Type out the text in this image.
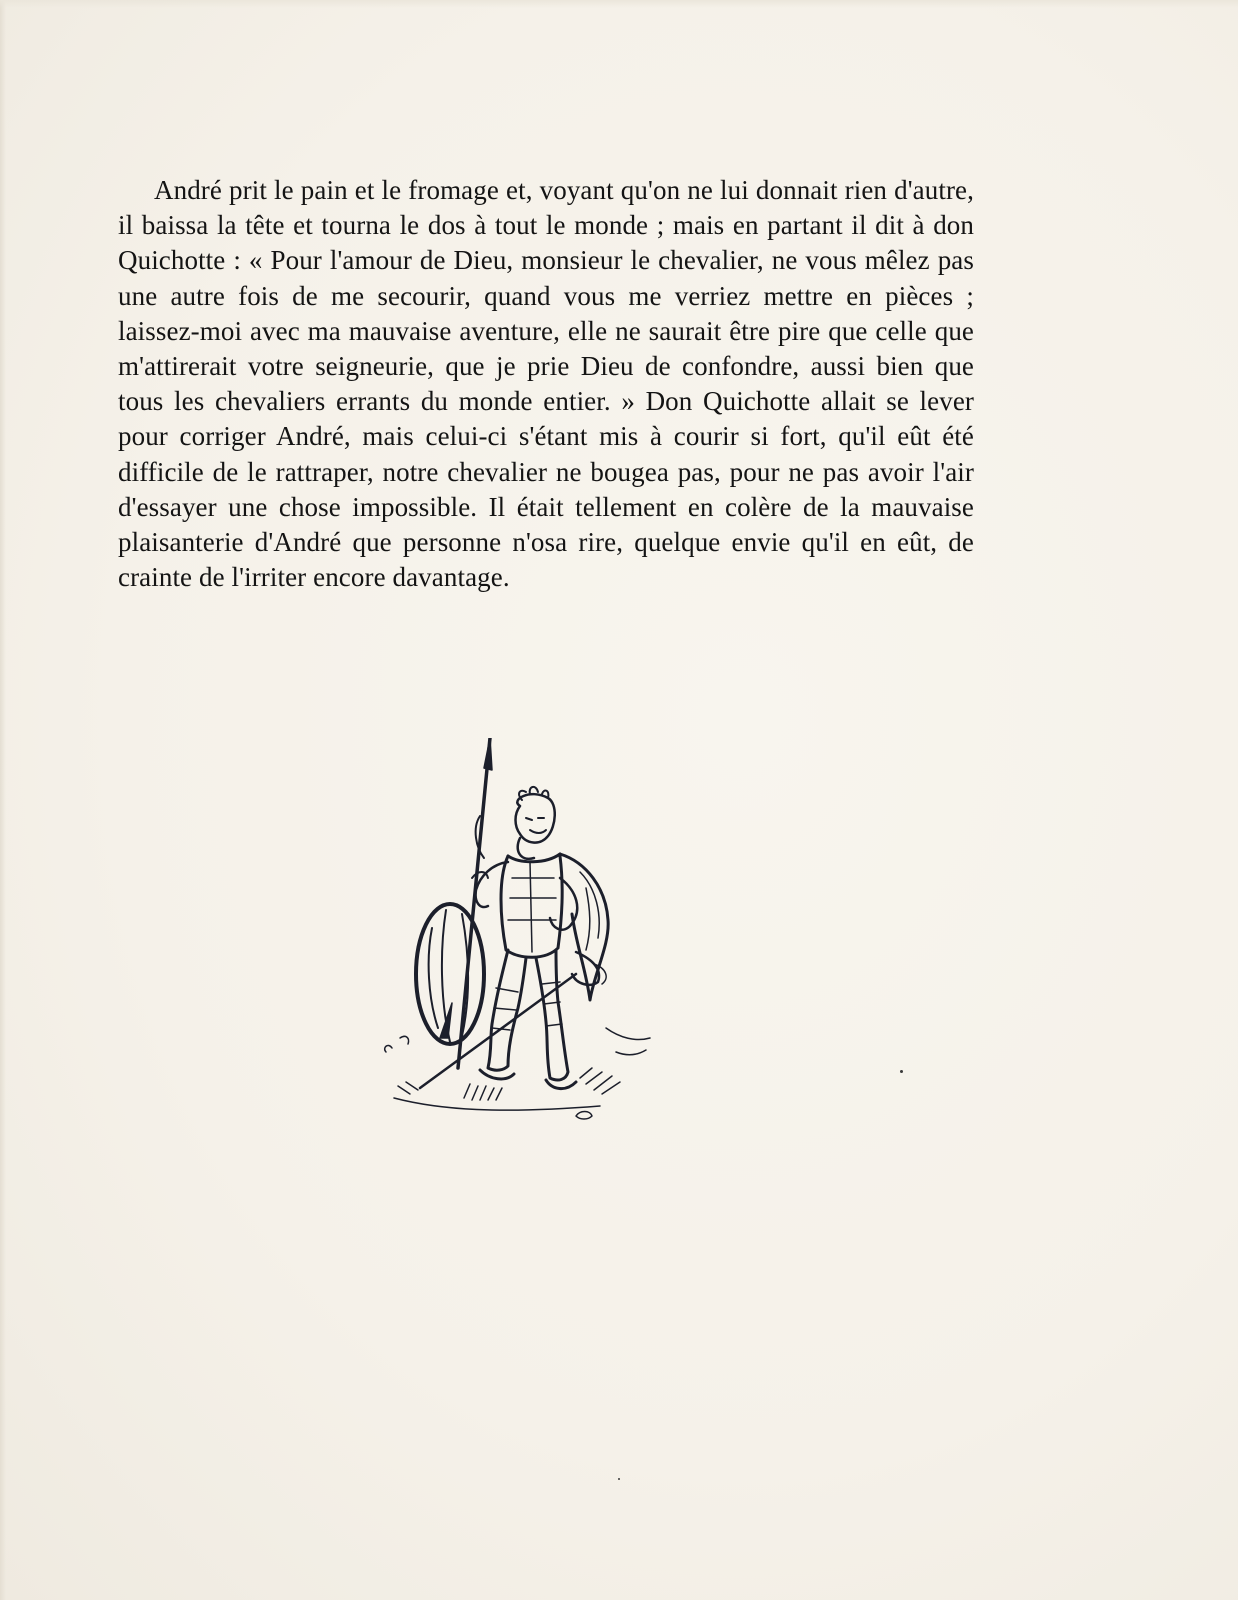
André prit le pain et le fromage et, voyant qu'on ne lui donnait rien d'autre, il baissa la tête et tourna le dos à tout le monde ; mais en partant il dit à don Quichotte : « Pour l'amour de Dieu, monsieur le chevalier, ne vous mêlez pas une autre fois de me secourir, quand vous me verriez mettre en pièces ; laissez-moi avec ma mauvaise aventure, elle ne saurait être pire que celle que m'attirerait votre seigneurie, que je prie Dieu de confondre, aussi bien que tous les chevaliers errants du monde entier. » Don Quichotte allait se lever pour corriger André, mais celui-ci s'étant mis à courir si fort, qu'il eût été difficile de le rattraper, notre chevalier ne bougea pas, pour ne pas avoir l'air d'essayer une chose impossible. Il était tellement en colère de la mauvaise plaisanterie d'André que personne n'osa rire, quelque envie qu'il en eût, de crainte de l'irriter encore davantage.
